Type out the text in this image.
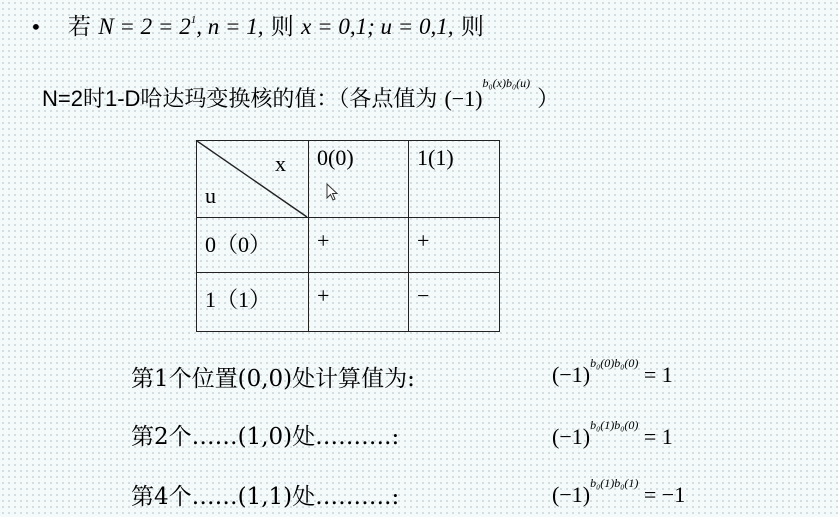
• 若 $N = 2 = 2^1$, n = 1, 则 x = 0,1; u = 0,1, 则
N=2时1-D哈达玛变换核的值：（各点值为 $(-1)^{b_0(x)b_0(u)}$ ）
x
u	0(0)	1(1)
0（0）	+	+
1（1）	+	−
第1个位置(0,0)处计算值为:	$(-1)^{b_0(0)b_0(0)} = 1$
第2个……(1,0)处……….:	$(-1)^{b_0(1)b_0(0)} = 1$
第4个……(1,1)处……….:	$(-1)^{b_0(1)b_0(1)} = -1$
